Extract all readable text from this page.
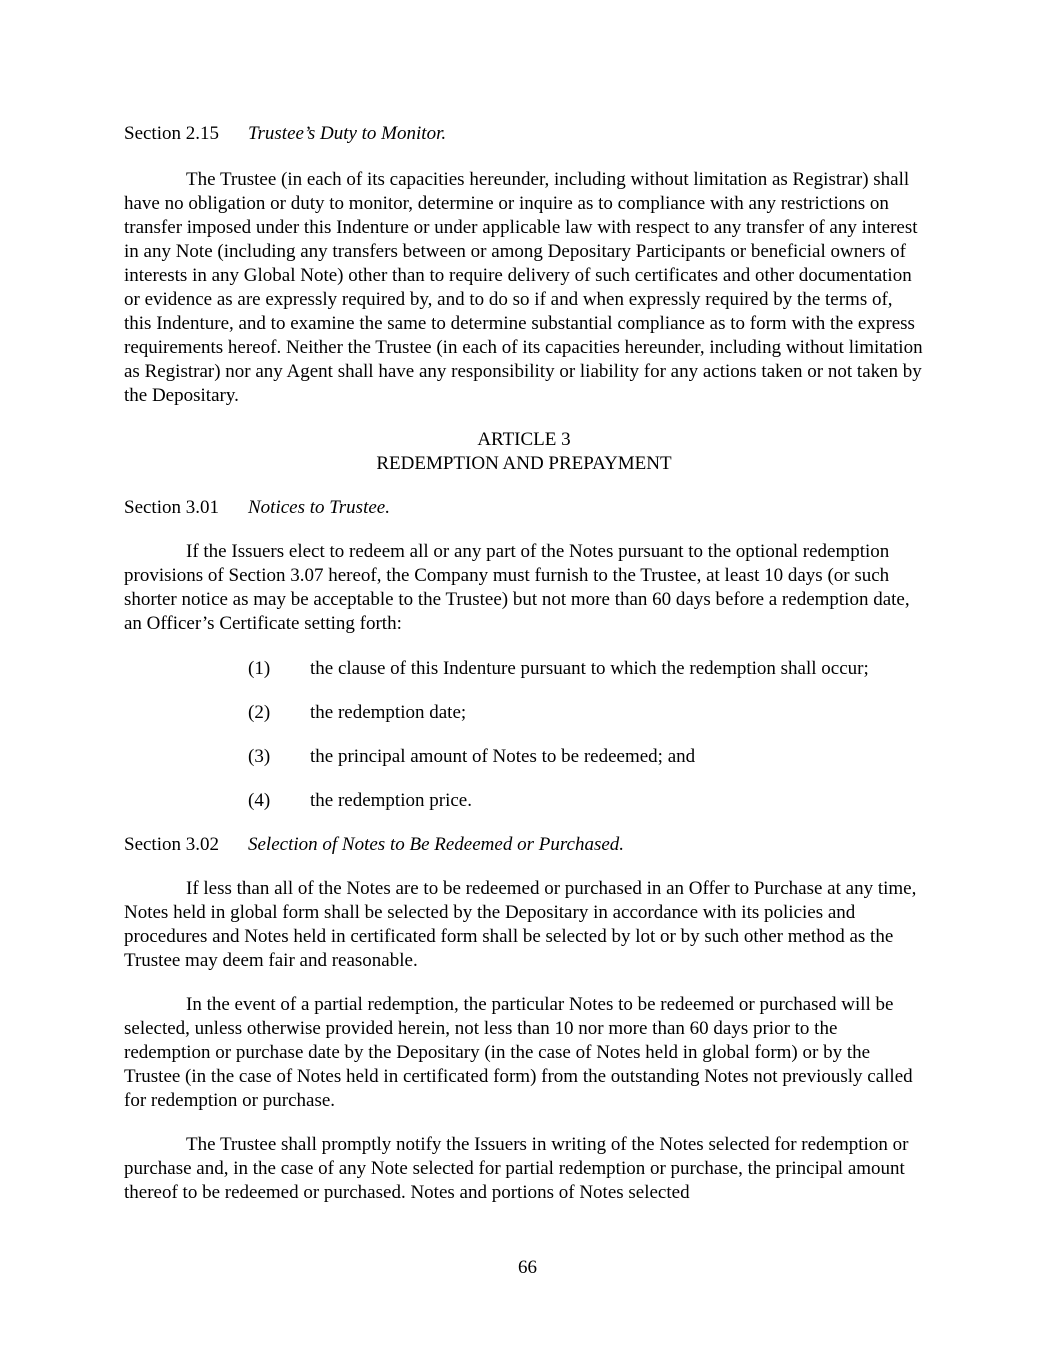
Section 2.15 Trustee’s Duty to Monitor.

The Trustee (in each of its capacities hereunder, including without limitation as Registrar) shall have no obligation or duty to monitor, determine or inquire as to compliance with any restrictions on transfer imposed under this Indenture or under applicable law with respect to any transfer of any interest in any Note (including any transfers between or among Depositary Participants or beneficial owners of interests in any Global Note) other than to require delivery of such certificates and other documentation or evidence as are expressly required by, and to do so if and when expressly required by the terms of, this Indenture, and to examine the same to determine substantial compliance as to form with the express requirements hereof. Neither the Trustee (in each of its capacities hereunder, including without limitation as Registrar) nor any Agent shall have any responsibility or liability for any actions taken or not taken by the Depositary.

ARTICLE 3

REDEMPTION AND PREPAYMENT

Section 3.01 Notices to Trustee.

If the Issuers elect to redeem all or any part of the Notes pursuant to the optional redemption provisions of Section 3.07 hereof, the Company must furnish to the Trustee, at least 10 days (or such shorter notice as may be acceptable to the Trustee) but not more than 60 days before a redemption date, an Officer’s Certificate setting forth:

(1) the clause of this Indenture pursuant to which the redemption shall occur;

(2) the redemption date;

(3) the principal amount of Notes to be redeemed; and

(4) the redemption price.

Section 3.02 Selection of Notes to Be Redeemed or Purchased.

If less than all of the Notes are to be redeemed or purchased in an Offer to Purchase at any time, Notes held in global form shall be selected by the Depositary in accordance with its policies and procedures and Notes held in certificated form shall be selected by lot or by such other method as the Trustee may deem fair and reasonable.

In the event of a partial redemption, the particular Notes to be redeemed or purchased will be selected, unless otherwise provided herein, not less than 10 nor more than 60 days prior to the redemption or purchase date by the Depositary (in the case of Notes held in global form) or by the Trustee (in the case of Notes held in certificated form) from the outstanding Notes not previously called for redemption or purchase.

The Trustee shall promptly notify the Issuers in writing of the Notes selected for redemption or purchase and, in the case of any Note selected for partial redemption or purchase, the principal amount thereof to be redeemed or purchased. Notes and portions of Notes selected

66
